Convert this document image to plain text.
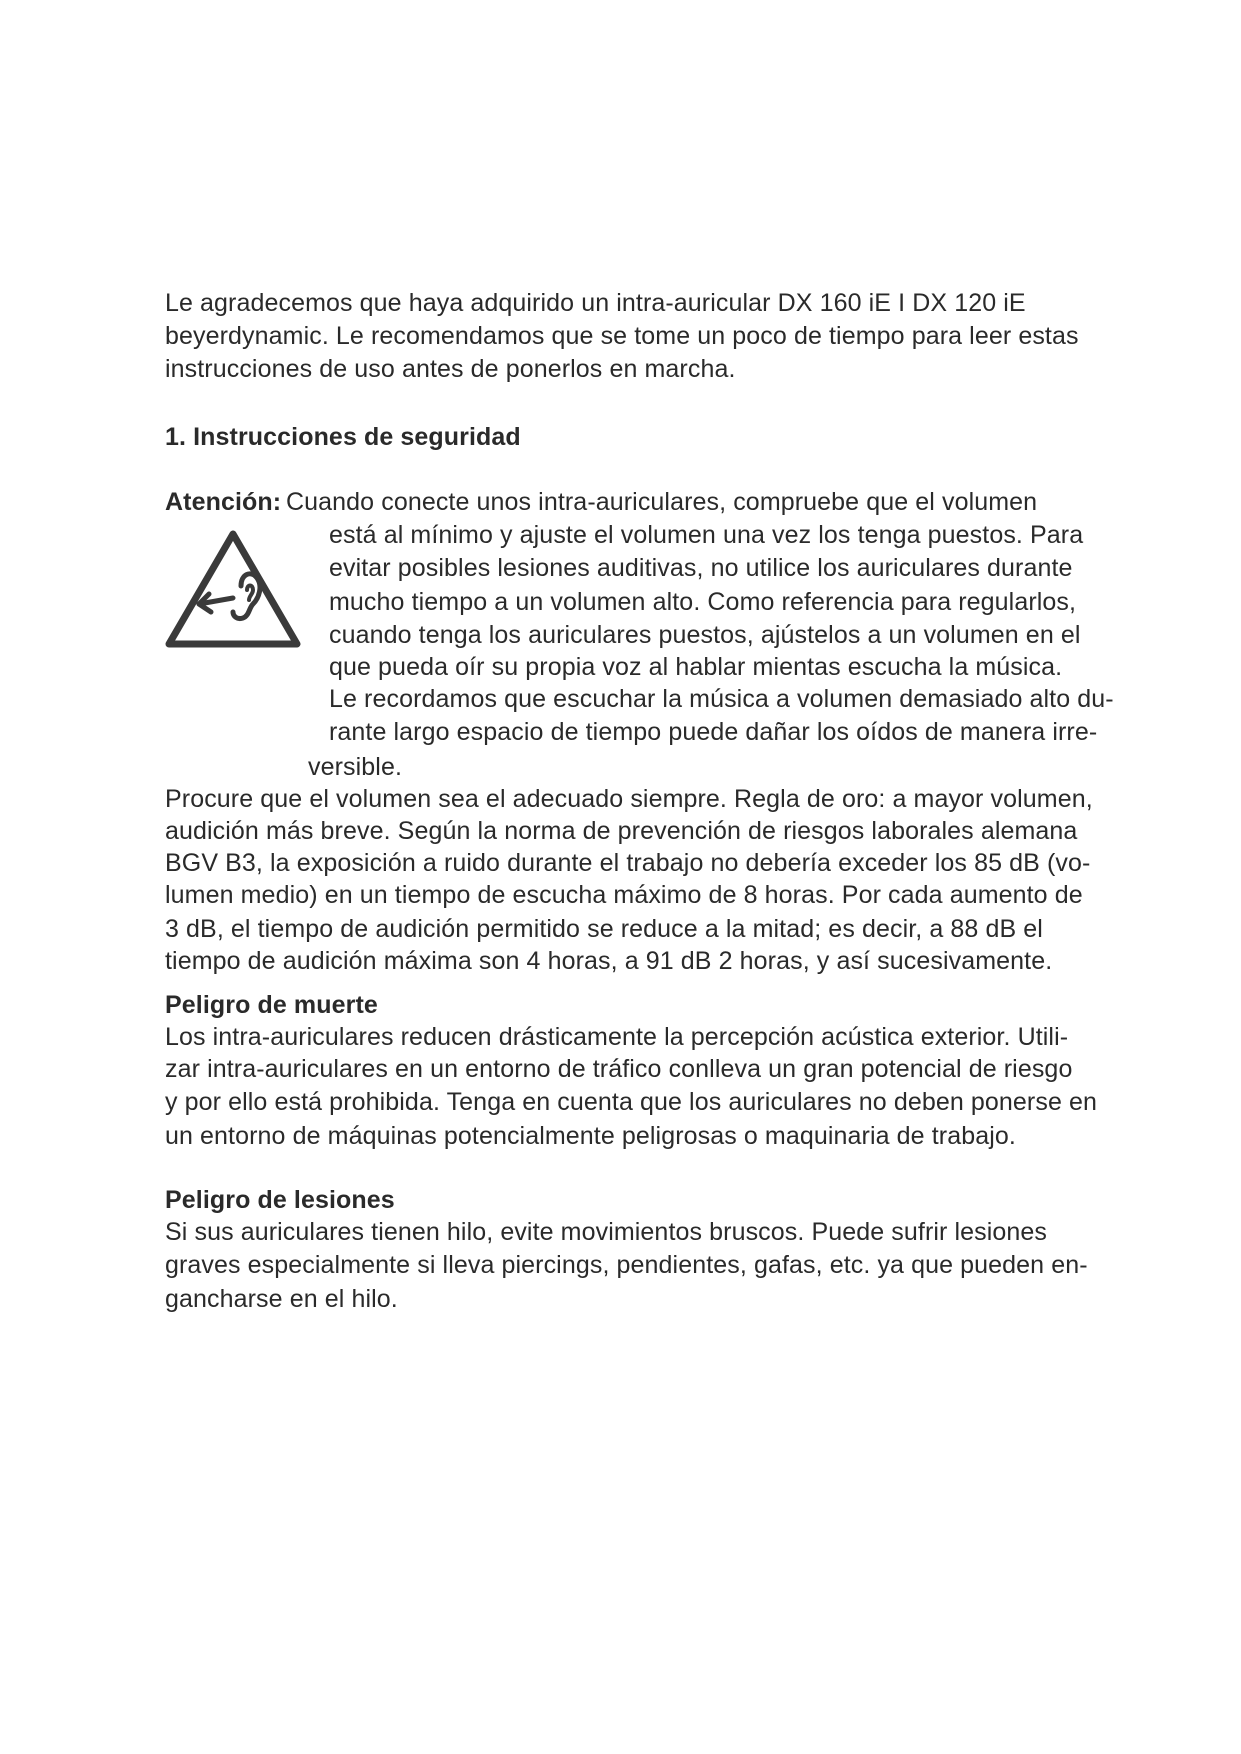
Le agradecemos que haya adquirido un intra-auricular DX 160 iE I DX 120 iE
beyerdynamic. Le recomendamos que se tome un poco de tiempo para leer estas
instrucciones de uso antes de ponerlos en marcha.
1. Instrucciones de seguridad
Atención: Cuando conecte unos intra-auriculares, compruebe que el volumen
está al mínimo y ajuste el volumen una vez los tenga puestos. Para
evitar posibles lesiones auditivas, no utilice los auriculares durante
mucho tiempo a un volumen alto. Como referencia para regularlos,
cuando tenga los auriculares puestos, ajústelos a un volumen en el
que pueda oír su propia voz al hablar mientas escucha la música.
Le recordamos que escuchar la música a volumen demasiado alto du-
rante largo espacio de tiempo puede dañar los oídos de manera irre-
versible.
Procure que el volumen sea el adecuado siempre. Regla de oro: a mayor volumen,
audición más breve. Según la norma de prevención de riesgos laborales alemana
BGV B3, la exposición a ruido durante el trabajo no debería exceder los 85 dB (vo-
lumen medio) en un tiempo de escucha máximo de 8 horas. Por cada aumento de
3 dB, el tiempo de audición permitido se reduce a la mitad; es decir, a 88 dB el
tiempo de audición máxima son 4 horas, a 91 dB 2 horas, y así sucesivamente.
Peligro de muerte
Los intra-auriculares reducen drásticamente la percepción acústica exterior. Utili-
zar intra-auriculares en un entorno de tráfico conlleva un gran potencial de riesgo
y por ello está prohibida. Tenga en cuenta que los auriculares no deben ponerse en
un entorno de máquinas potencialmente peligrosas o maquinaria de trabajo.
Peligro de lesiones
Si sus auriculares tienen hilo, evite movimientos bruscos. Puede sufrir lesiones
graves especialmente si lleva piercings, pendientes, gafas, etc. ya que pueden en-
gancharse en el hilo.
